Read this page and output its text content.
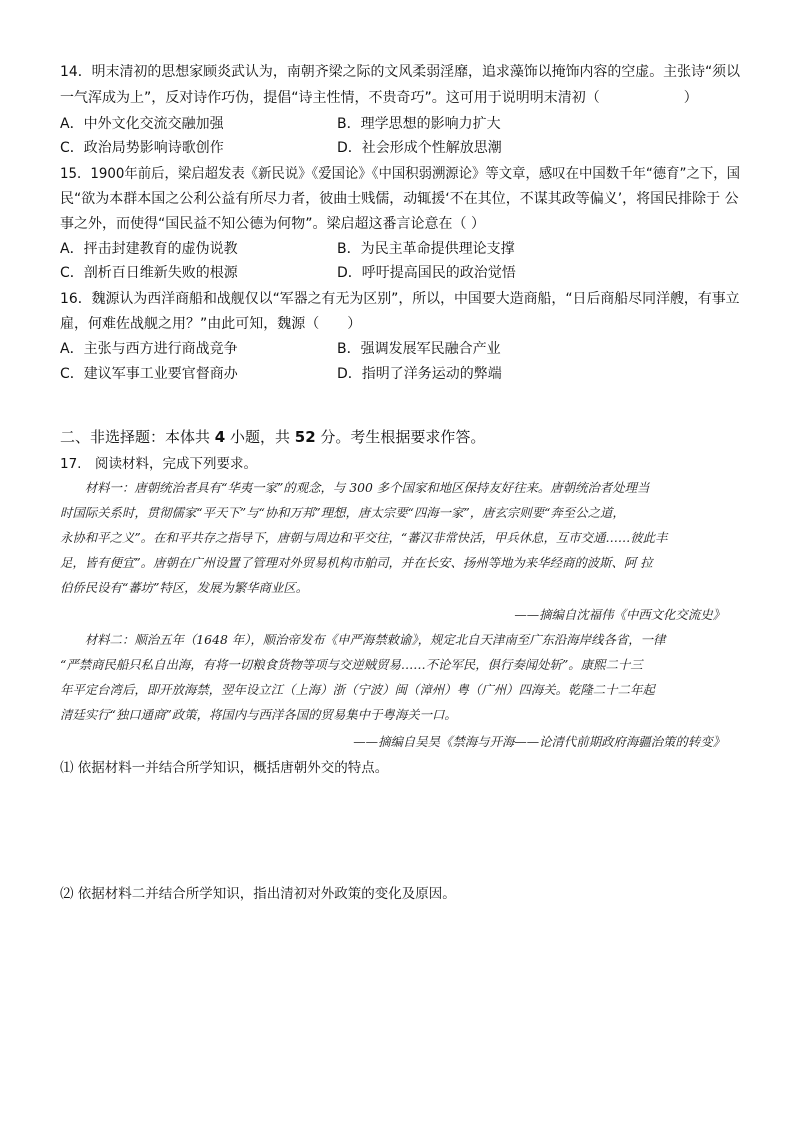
14．明末清初的思想家顾炎武认为，南朝齐梁之际的文风柔弱淫靡，追求藻饰以掩饰内容的空虚。主张诗“须以
一气浑成为上”，反对诗作巧伪，提倡“诗主性情，不贵奇巧”。这可用于说明明末清初（　　　　　　）
A．中外文化交流交融加强	B．理学思想的影响力扩大
C．政治局势影响诗歌创作	D．社会形成个性解放思潮
15．1900年前后，梁启超发表《新民说》《爱国论》《中国积弱溯源论》等文章，感叹在中国数千年“德育”之下，国
民“欲为本群本国之公利公益有所尽力者，彼曲士贱儒，动辄援‘不在其位，不谋其政等偏义’，将国民排除于 公
事之外，而使得“国民益不知公德为何物”。梁启超这番言论意在（ ）
A．抨击封建教育的虚伪说教	B．为民主革命提供理论支撑
C．剖析百日维新失败的根源	D．呼吁提高国民的政治觉悟
16．魏源认为西洋商船和战舰仅以“军器之有无为区别”，所以，中国要大造商船，“日后商船尽同洋艘，有事立
雇，何难佐战舰之用？”由此可知，魏源（　　）
A．主张与西方进行商战竞争	B．强调发展军民融合产业
C．建议军事工业要官督商办	D．指明了洋务运动的弊端
二、非选择题：本体共 4 小题，共 52 分。考生根据要求作答。
17.　阅读材料，完成下列要求。
　　材料一：唐朝统治者具有“华夷一家”的观念，与 300 多个国家和地区保持友好往来。唐朝统治者处理当
时国际关系时，贯彻儒家“平天下”与“协和万邦”理想，唐太宗要“四海一家”，唐玄宗则要“奔至公之道，
永协和平之义”。在和平共存之指导下，唐朝与周边和平交往，“蕃汉非常快活，甲兵休息，互市交通……彼此丰
足，皆有便宜”。唐朝在广州设置了管理对外贸易机构市舶司，并在长安、扬州等地为来华经商的波斯、阿 拉
伯侨民设有“蕃坊”特区，发展为繁华商业区。
——摘编自沈福伟《中西文化交流史》
　　材料二：顺治五年（1648 年），顺治帝发布《申严海禁敕谕》，规定北自天津南至广东沿海岸线各省，一律
“严禁商民船只私自出海，有将一切粮食货物等项与交逆贼贸易……不论军民，俱行奏闻处斩”。康熙二十三
年平定台湾后，即开放海禁，翌年设立江（上海）浙（宁波）闽（漳州）粤（广州）四海关。乾隆二十二年起
清廷实行“独口通商”政策，将国内与西洋各国的贸易集中于粤海关一口。
——摘编自吴昊《禁海与开海——论清代前期政府海疆治策的转变》
⑴ 依据材料一并结合所学知识，概括唐朝外交的特点。
⑵ 依据材料二并结合所学知识，指出清初对外政策的变化及原因。
